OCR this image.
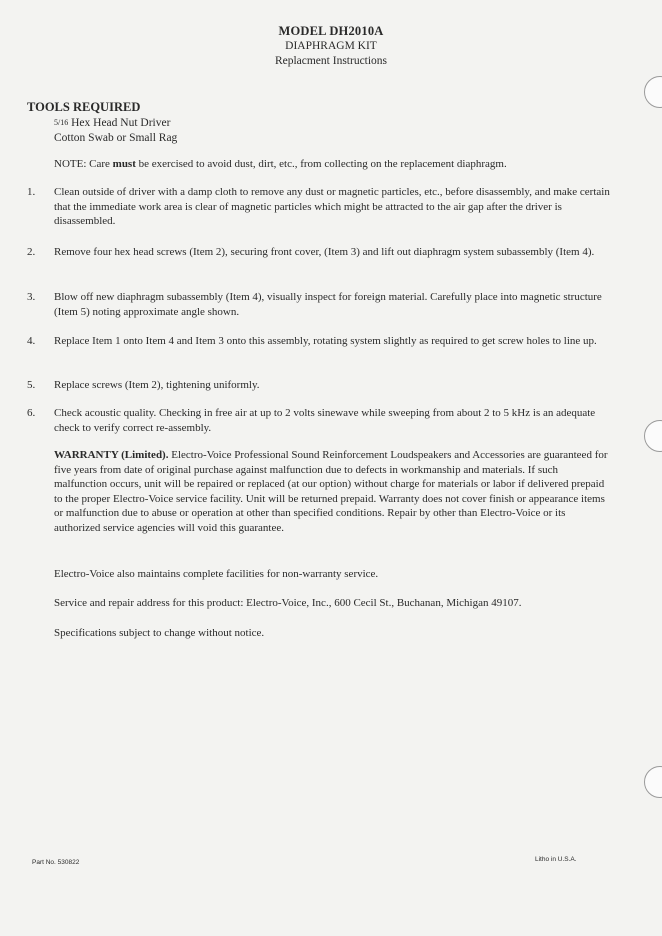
MODEL DH2010A
DIAPHRAGM KIT
Replacment Instructions
TOOLS REQUIRED
5/16 Hex Head Nut Driver
Cotton Swab or Small Rag
NOTE: Care must be exercised to avoid dust, dirt, etc., from collecting on the replacement diaphragm.
1. Clean outside of driver with a damp cloth to remove any dust or magnetic particles, etc., before disassembly, and make certain that the immediate work area is clear of magnetic particles which might be attracted to the air gap after the driver is disassembled.
2. Remove four hex head screws (Item 2), securing front cover, (Item 3) and lift out diaphragm system subassembly (Item 4).
3. Blow off new diaphragm subassembly (Item 4), visually inspect for foreign material. Carefully place into magnetic structure (Item 5) noting approximate angle shown.
4. Replace Item 1 onto Item 4 and Item 3 onto this assembly, rotating system slightly as required to get screw holes to line up.
5. Replace screws (Item 2), tightening uniformly.
6. Check acoustic quality. Checking in free air at up to 2 volts sinewave while sweeping from about 2 to 5 kHz is an adequate check to verify correct re-assembly.
WARRANTY (Limited). Electro-Voice Professional Sound Reinforcement Loudspeakers and Accessories are guaranteed for five years from date of original purchase against malfunction due to defects in workmanship and materials. If such malfunction occurs, unit will be repaired or replaced (at our option) without charge for materials or labor if delivered prepaid to the proper Electro-Voice service facility. Unit will be returned prepaid. Warranty does not cover finish or appearance items or malfunction due to abuse or operation at other than specified conditions. Repair by other than Electro-Voice or its authorized service agencies will void this guarantee.
Electro-Voice also maintains complete facilities for non-warranty service.
Service and repair address for this product: Electro-Voice, Inc., 600 Cecil St., Buchanan, Michigan 49107.
Specifications subject to change without notice.
Part No. 530822	Litho in U.S.A.
